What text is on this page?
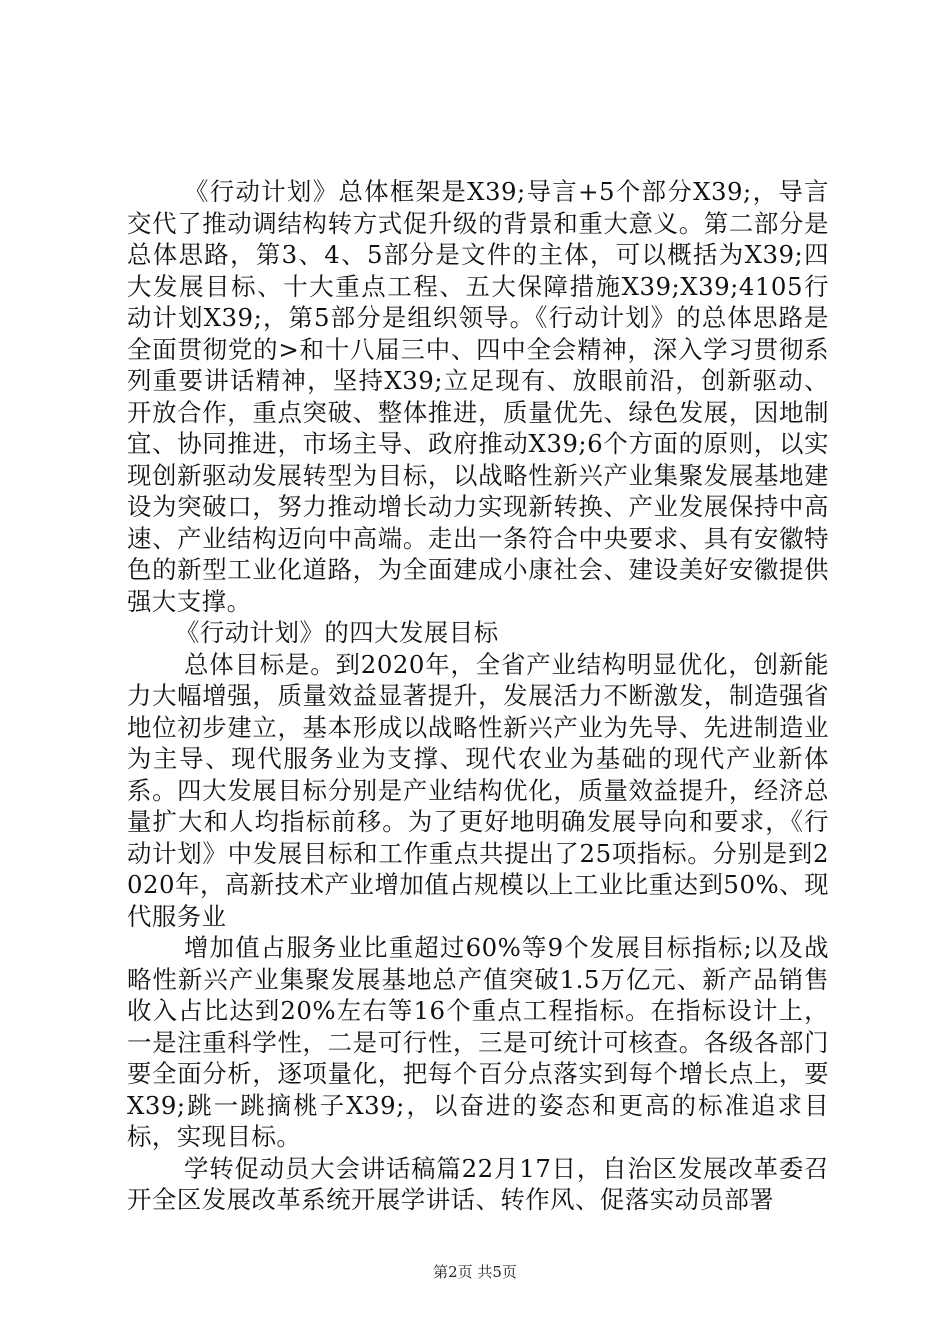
《行动计划》总体框架是X39;导言+5个部分X39;，导言交代了推动调结构转方式促升级的背景和重大意义。第二部分是总体思路，第3、4、5部分是文件的主体，可以概括为X39;四大发展目标、十大重点工程、五大保障措施X39;X39;4105行动计划X39;，第5部分是组织领导。《行动计划》的总体思路是全面贯彻党的>和十八届三中、四中全会精神，深入学习贯彻系列重要讲话精神，坚持X39;立足现有、放眼前沿，创新驱动、开放合作，重点突破、整体推进，质量优先、绿色发展，因地制宜、协同推进，市场主导、政府推动X39;6个方面的原则，以实现创新驱动发展转型为目标，以战略性新兴产业集聚发展基地建设为突破口，努力推动增长动力实现新转换、产业发展保持中高速、产业结构迈向中高端。走出一条符合中央要求、具有安徽特色的新型工业化道路，为全面建成小康社会、建设美好安徽提供强大支撑。

《行动计划》的四大发展目标

总体目标是。到2020年，全省产业结构明显优化，创新能力大幅增强，质量效益显著提升，发展活力不断激发，制造强省地位初步建立，基本形成以战略性新兴产业为先导、先进制造业为主导、现代服务业为支撑、现代农业为基础的现代产业新体系。四大发展目标分别是产业结构优化，质量效益提升，经济总量扩大和人均指标前移。为了更好地明确发展导向和要求，《行动计划》中发展目标和工作重点共提出了25项指标。分别是到2020年，高新技术产业增加值占规模以上工业比重达到50%、现代服务业

增加值占服务业比重超过60%等9个发展目标指标;以及战略性新兴产业集聚发展基地总产值突破1.5万亿元、新产品销售收入占比达到20%左右等16个重点工程指标。在指标设计上，一是注重科学性，二是可行性，三是可统计可核查。各级各部门要全面分析，逐项量化，把每个百分点落实到每个增长点上，要X39;跳一跳摘桃子X39;，以奋进的姿态和更高的标准追求目标，实现目标。

学转促动员大会讲话稿篇22月17日，自治区发展改革委召开全区发展改革系统开展学讲话、转作风、促落实动员部署

第2页 共5页
